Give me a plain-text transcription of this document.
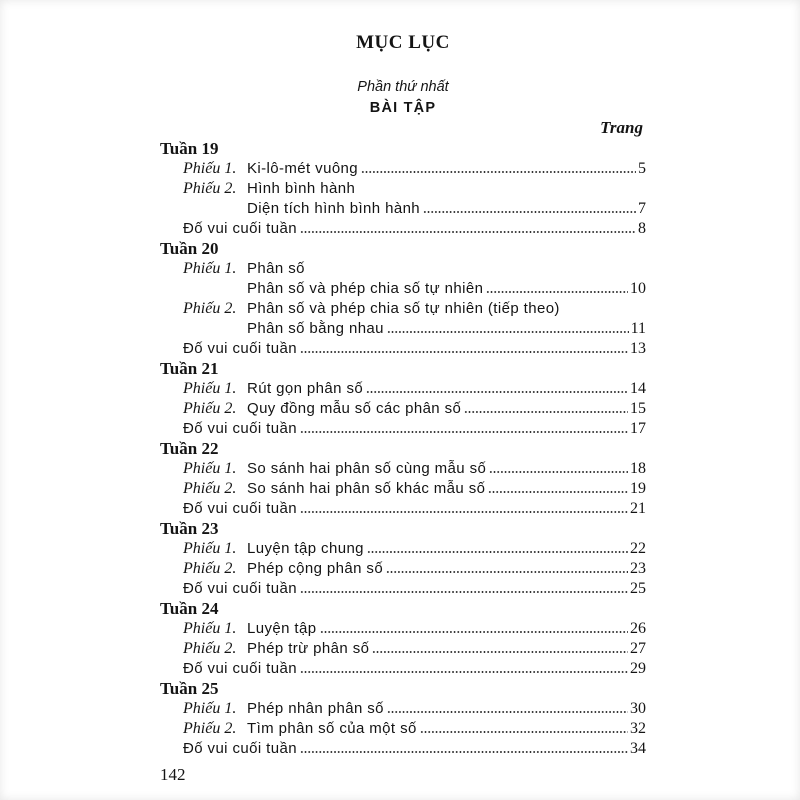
MỤC LỤC
Phần thứ nhất
BÀI TẬP
Trang
Tuần 19
Phiếu 1. Ki-lô-mét vuông	5
Phiếu 2. Hình bình hành
Diện tích hình bình hành	7
Đố vui cuối tuần	8
Tuần 20
Phiếu 1. Phân số
Phân số và phép chia số tự nhiên	10
Phiếu 2. Phân số và phép chia số tự nhiên (tiếp theo)
Phân số bằng nhau	11
Đố vui cuối tuần	13
Tuần 21
Phiếu 1. Rút gọn phân số	14
Phiếu 2. Quy đồng mẫu số các phân số	15
Đố vui cuối tuần	17
Tuần 22
Phiếu 1. So sánh hai phân số cùng mẫu số	18
Phiếu 2. So sánh hai phân số khác mẫu số	19
Đố vui cuối tuần	21
Tuần 23
Phiếu 1. Luyện tập chung	22
Phiếu 2. Phép cộng phân số	23
Đố vui cuối tuần	25
Tuần 24
Phiếu 1. Luyện tập	26
Phiếu 2. Phép trừ phân số	27
Đố vui cuối tuần	29
Tuần 25
Phiếu 1. Phép nhân phân số	30
Phiếu 2. Tìm phân số của một số	32
Đố vui cuối tuần	34
142
